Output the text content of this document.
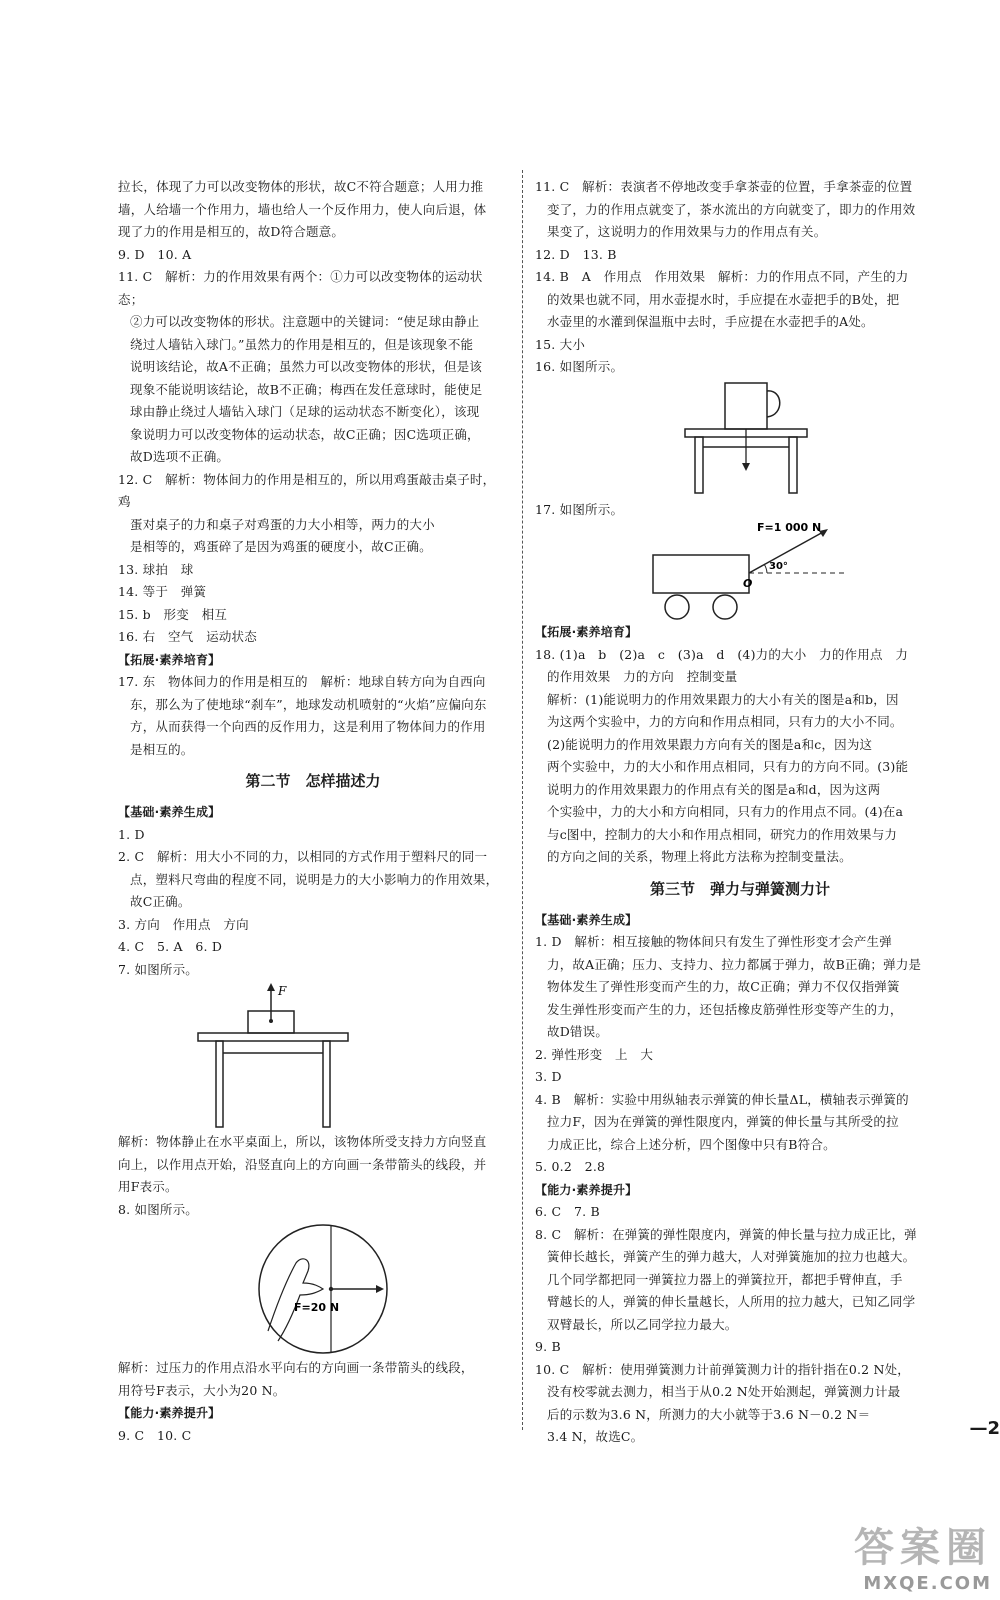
拉长，体现了力可以改变物体的形状，故C不符合题意；人用力推
墙，人给墙一个作用力，墙也给人一个反作用力，使人向后退，体
现了力的作用是相互的，故D符合题意。
9. D　10. A
11. C　解析：力的作用效果有两个：①力可以改变物体的运动状态；
②力可以改变物体的形状。注意题中的关键词：“使足球由静止
绕过人墙钻入球门。”虽然力的作用是相互的，但是该现象不能
说明该结论，故A不正确；虽然力可以改变物体的形状，但是该
现象不能说明该结论，故B不正确；梅西在发任意球时，能使足
球由静止绕过人墙钻入球门（足球的运动状态不断变化），该现
象说明力可以改变物体的运动状态，故C正确；因C选项正确，
故D选项不正确。
12. C　解析：物体间力的作用是相互的，所以用鸡蛋敲击桌子时，鸡
蛋对桌子的力和桌子对鸡蛋的力大小相等，两力的大小
是相等的，鸡蛋碎了是因为鸡蛋的硬度小，故C正确。
13. 球拍　球
14. 等于　弹簧
15. b　形变　相互
16. 右　空气　运动状态
【拓展·素养培育】
17. 东　物体间力的作用是相互的　解析：地球自转方向为自西向
东，那么为了使地球“刹车”，地球发动机喷射的“火焰”应偏向东
方，从而获得一个向西的反作用力，这是利用了物体间力的作用
是相互的。
第二节　怎样描述力
【基础·素养生成】
1. D
2. C　解析：用大小不同的力，以相同的方式作用于塑料尺的同一
点，塑料尺弯曲的程度不同，说明是力的大小影响力的作用效果，
故C正确。
3. 方向　作用点　方向
4. C　5. A　6. D
7. 如图所示。
F
解析：物体静止在水平桌面上，所以，该物体所受支持力方向竖直
向上，以作用点开始，沿竖直向上的方向画一条带箭头的线段，并
用F表示。
8. 如图所示。
F=20 N
解析：过压力的作用点沿水平向右的方向画一条带箭头的线段，
用符号F表示，大小为20 N。
【能力·素养提升】
9. C　10. C
11. C　解析：表演者不停地改变手拿茶壶的位置，手拿茶壶的位置
变了，力的作用点就变了，茶水流出的方向就变了，即力的作用效
果变了，这说明力的作用效果与力的作用点有关。
12. D　13. B
14. B　A　作用点　作用效果　解析：力的作用点不同，产生的力
的效果也就不同，用水壶提水时，手应提在水壶把手的B处，把
水壶里的水灌到保温瓶中去时，手应提在水壶把手的A处。
15. 大小
16. 如图所示。
17. 如图所示。
30°
O
F=1 000 N
【拓展·素养培育】
18. (1)a　b　(2)a　c　(3)a　d　(4)力的大小　力的作用点　力
的作用效果　力的方向　控制变量
解析：(1)能说明力的作用效果跟力的大小有关的图是a和b，因
为这两个实验中，力的方向和作用点相同，只有力的大小不同。
(2)能说明力的作用效果跟力方向有关的图是a和c，因为这
两个实验中，力的大小和作用点相同，只有力的方向不同。(3)能
说明力的作用效果跟力的作用点有关的图是a和d，因为这两
个实验中，力的大小和方向相同，只有力的作用点不同。(4)在a
与c图中，控制力的大小和作用点相同，研究力的作用效果与力
的方向之间的关系，物理上将此方法称为控制变量法。
第三节　弹力与弹簧测力计
【基础·素养生成】
1. D　解析：相互接触的物体间只有发生了弹性形变才会产生弹
力，故A正确；压力、支持力、拉力都属于弹力，故B正确；弹力是
物体发生了弹性形变而产生的力，故C正确；弹力不仅仅指弹簧
发生弹性形变而产生的力，还包括橡皮筋弹性形变等产生的力，
故D错误。
2. 弹性形变　上　大
3. D
4. B　解析：实验中用纵轴表示弹簧的伸长量ΔL，横轴表示弹簧的
拉力F，因为在弹簧的弹性限度内，弹簧的伸长量与其所受的拉
力成正比，综合上述分析，四个图像中只有B符合。
5. 0.2　2.8
【能力·素养提升】
6. C　7. B
8. C　解析：在弹簧的弹性限度内，弹簧的伸长量与拉力成正比，弹
簧伸长越长，弹簧产生的弹力越大，人对弹簧施加的拉力也越大。
几个同学都把同一弹簧拉力器上的弹簧拉开，都把手臂伸直，手
臂越长的人，弹簧的伸长量越长，人所用的拉力越大，已知乙同学
双臂最长，所以乙同学拉力最大。
9. B
10. C　解析：使用弹簧测力计前弹簧测力计的指针指在0.2 N处，
没有校零就去测力，相当于从0.2 N处开始测起，弹簧测力计最
后的示数为3.6 N，所测力的大小就等于3.6 N－0.2 N＝
3.4 N，故选C。	—2
答案圈
MXQE.COM
